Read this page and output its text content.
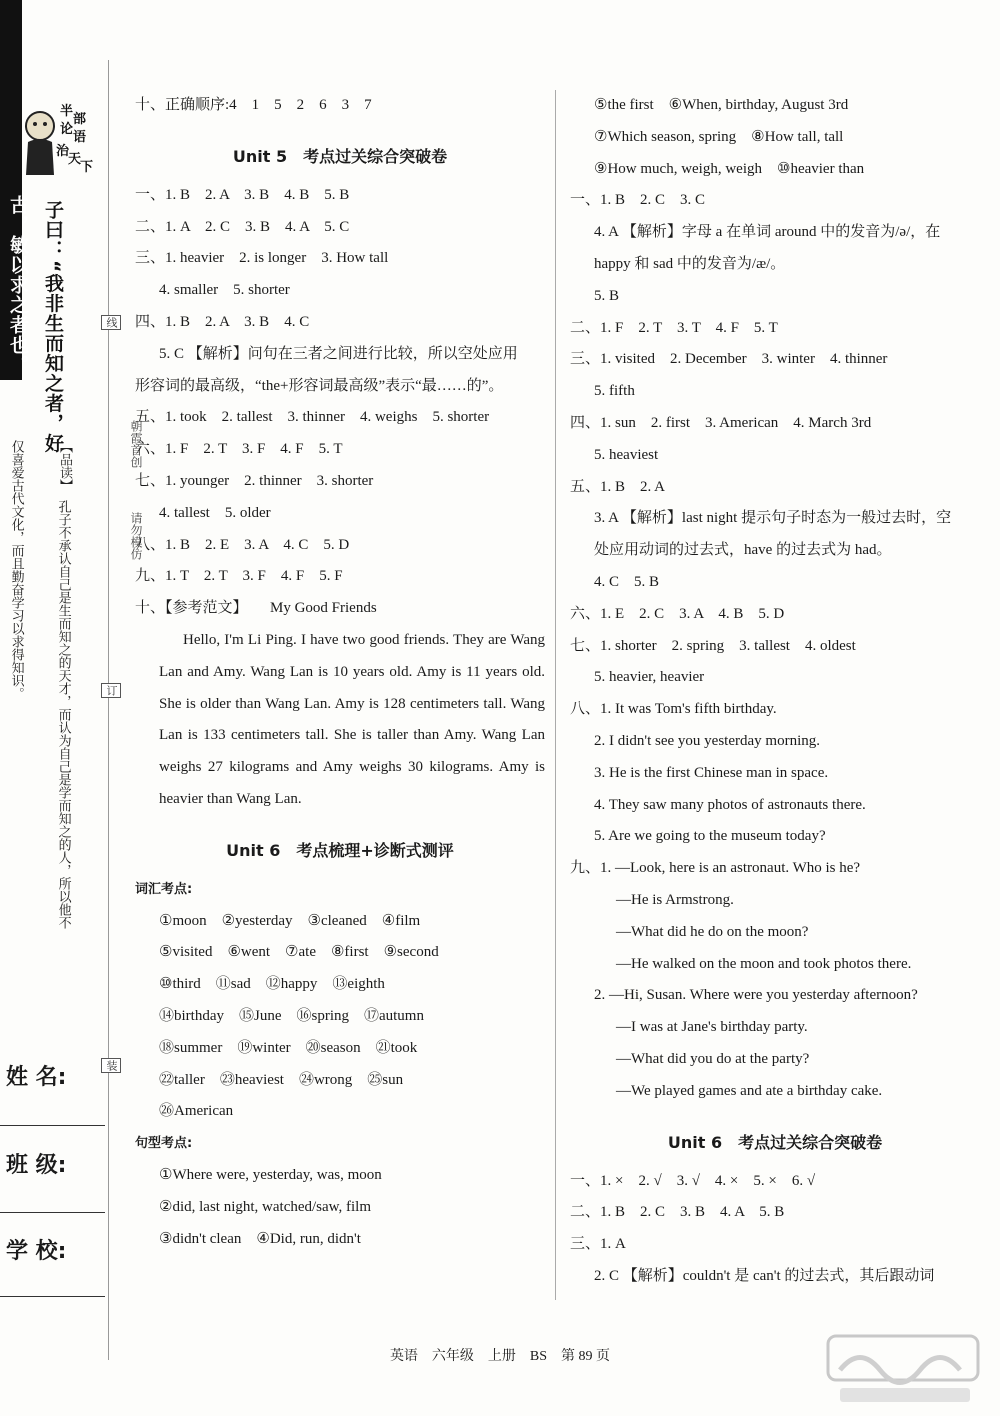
半
部
论
语
治
天
下
古，敏以求之者也。 子曰：“我非生而知之者，好
【品读】
孔子不承认自己是生而知之的天才，而认为自己是学而知之的人，所以他不
仅喜爱古代文化，而且勤奋学习以求得知识。
姓 名:
班 级:
学 校:
线
订
装
朝霞首创
请勿模仿
十、正确顺序:4　1　5　2　6　3　7
Unit 5　考点过关综合突破卷
一、1. B　2. A　3. B　4. B　5. B
二、1. A　2. C　3. B　4. A　5. C
三、1. heavier　2. is longer　3. How tall
4. smaller　5. shorter
四、1. B　2. A　3. B　4. C
5. C 【解析】问句在三者之间进行比较，所以空处应用
形容词的最高级，“the+形容词最高级”表示“最……的”。
五、1. took　2. tallest　3. thinner　4. weighs　5. shorter
六、1. F　2. T　3. F　4. F　5. T
七、1. younger　2. thinner　3. shorter
4. tallest　5. older
八、1. B　2. E　3. A　4. C　5. D
九、1. T　2. T　3. F　4. F　5. F
十、【参考范文】　　My Good Friends
Hello, I'm Li Ping. I have two good friends. They are Wang Lan and Amy. Wang Lan is 10 years old. Amy is 11 years old. She is older than Wang Lan. Amy is 128 centimeters tall. Wang Lan is 133 centimeters tall. She is taller than Amy. Wang Lan weighs 27 kilograms and Amy weighs 30 kilograms. Amy is heavier than Wang Lan.
Unit 6　考点梳理+诊断式测评
词汇考点:
①moon　②yesterday　③cleaned　④film
⑤visited　⑥went　⑦ate　⑧first　⑨second
⑩third　⑪sad　⑫happy　⑬eighth
⑭birthday　⑮June　⑯spring　⑰autumn
⑱summer　⑲winter　⑳season　㉑took
㉒taller　㉓heaviest　㉔wrong　㉕sun
㉖American
句型考点:
①Where were, yesterday, was, moon
②did, last night, watched/saw, film
③didn't clean　④Did, run, didn't
⑤the first　⑥When, birthday, August 3rd
⑦Which season, spring　⑧How tall, tall
⑨How much, weigh, weigh　⑩heavier than
一、1. B　2. C　3. C
4. A 【解析】字母 a 在单词 around 中的发音为/ə/，在
happy 和 sad 中的发音为/æ/。
5. B
二、1. F　2. T　3. T　4. F　5. T
三、1. visited　2. December　3. winter　4. thinner
5. fifth
四、1. sun　2. first　3. American　4. March 3rd
5. heaviest
五、1. B　2. A
3. A 【解析】last night 提示句子时态为一般过去时，空
处应用动词的过去式，have 的过去式为 had。
4. C　5. B
六、1. E　2. C　3. A　4. B　5. D
七、1. shorter　2. spring　3. tallest　4. oldest
5. heavier, heavier
八、1. It was Tom's fifth birthday.
2. I didn't see you yesterday morning.
3. He is the first Chinese man in space.
4. They saw many photos of astronauts there.
5. Are we going to the museum today?
九、1. —Look, here is an astronaut. Who is he?
—He is Armstrong.
—What did he do on the moon?
—He walked on the moon and took photos there.
2. —Hi, Susan. Where were you yesterday afternoon?
—I was at Jane's birthday party.
—What did you do at the party?
—We played games and ate a birthday cake.
Unit 6　考点过关综合突破卷
一、1. ×　2. √　3. √　4. ×　5. ×　6. √
二、1. B　2. C　3. B　4. A　5. B
三、1. A
2. C 【解析】couldn't 是 can't 的过去式，其后跟动词
英语　六年级　上册　BS　第 89 页
